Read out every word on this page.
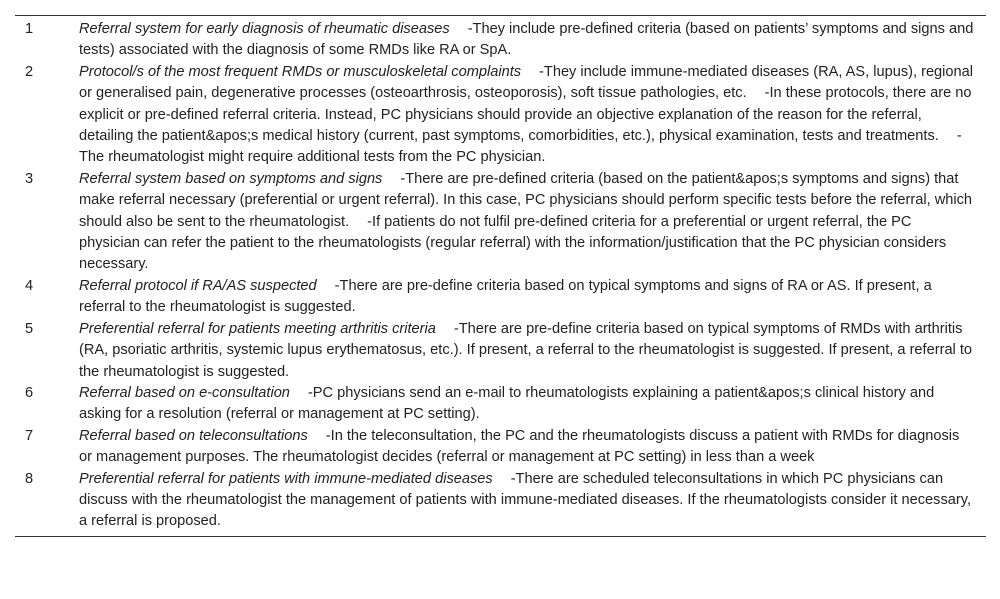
1	Referral system for early diagnosis of rheumatic diseases -They include pre-defined criteria (based on patients’ symptoms and signs and tests) associated with the diagnosis of some RMDs like RA or SpA.
2	Protocol/s of the most frequent RMDs or musculoskeletal complaints -They include immune-mediated diseases (RA, AS, lupus), regional or generalised pain, degenerative processes (osteoarthrosis, osteoporosis), soft tissue pathologies, etc. -In these protocols, there are no explicit or pre-defined referral criteria. Instead, PC physicians should provide an objective explanation of the reason for the referral, detailing the patient&apos;s medical history (current, past symptoms, comorbidities, etc.), physical examination, tests and treatments. -The rheumatologist might require additional tests from the PC physician.
3	Referral system based on symptoms and signs -There are pre-defined criteria (based on the patient&apos;s symptoms and signs) that make referral necessary (preferential or urgent referral). In this case, PC physicians should perform specific tests before the referral, which should also be sent to the rheumatologist. -If patients do not fulfil pre-defined criteria for a preferential or urgent referral, the PC physician can refer the patient to the rheumatologists (regular referral) with the information/justification that the PC physician considers necessary.
4	Referral protocol if RA/AS suspected -There are pre-define criteria based on typical symptoms and signs of RA or AS. If present, a referral to the rheumatologist is suggested.
5	Preferential referral for patients meeting arthritis criteria -There are pre-define criteria based on typical symptoms of RMDs with arthritis (RA, psoriatic arthritis, systemic lupus erythematosus, etc.). If present, a referral to the rheumatologist is suggested. If present, a referral to the rheumatologist is suggested.
6	Referral based on e-consultation -PC physicians send an e-mail to rheumatologists explaining a patient&apos;s clinical history and asking for a resolution (referral or management at PC setting).
7	Referral based on teleconsultations -In the teleconsultation, the PC and the rheumatologists discuss a patient with RMDs for diagnosis or management purposes. The rheumatologist decides (referral or management at PC setting) in less than a week
8	Preferential referral for patients with immune-mediated diseases -There are scheduled teleconsultations in which PC physicians can discuss with the rheumatologist the management of patients with immune-mediated diseases. If the rheumatologists consider it necessary, a referral is proposed.
